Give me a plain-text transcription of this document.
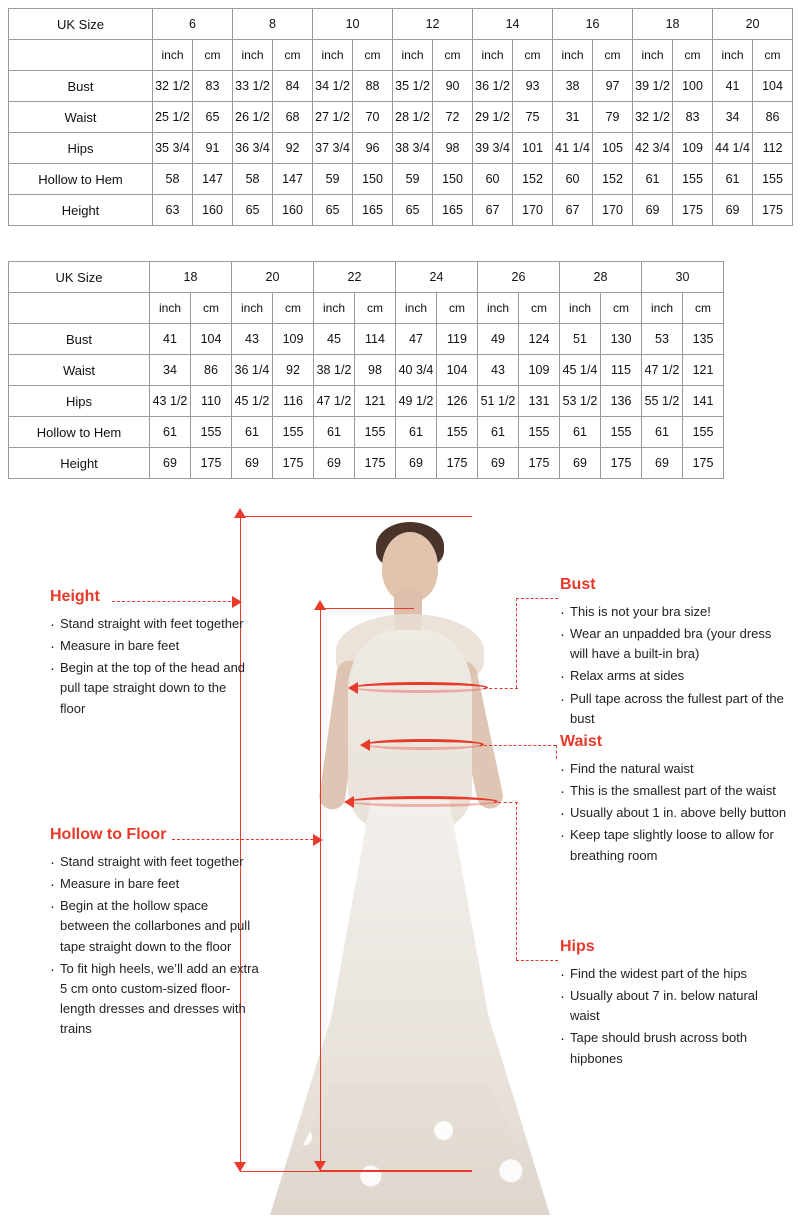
UK Size	6		8		10		12		14		16		18		20	
	inch	cm	inch	cm	inch	cm	inch	cm	inch	cm	inch	cm	inch	cm	inch	cm
Bust	32 1/2	83	33 1/2	84	34 1/2	88	35 1/2	90	36 1/2	93	38	97	39 1/2	100	41	104
Waist	25 1/2	65	26 1/2	68	27 1/2	70	28 1/2	72	29 1/2	75	31	79	32 1/2	83	34	86
Hips	35 3/4	91	36 3/4	92	37 3/4	96	38 3/4	98	39 3/4	101	41 1/4	105	42 3/4	109	44 1/4	112
Hollow to Hem	58	147	58	147	59	150	59	150	60	152	60	152	61	155	61	155
Height	63	160	65	160	65	165	65	165	67	170	67	170	69	175	69	175
UK Size	18		20		22		24		26		28		30	
	inch	cm	inch	cm	inch	cm	inch	cm	inch	cm	inch	cm	inch	cm
Bust	41	104	43	109	45	114	47	119	49	124	51	130	53	135
Waist	34	86	36 1/4	92	38 1/2	98	40 3/4	104	43	109	45 1/4	115	47 1/2	121
Hips	43 1/2	110	45 1/2	116	47 1/2	121	49 1/2	126	51 1/2	131	53 1/2	136	55 1/2	141
Hollow to Hem	61	155	61	155	61	155	61	155	61	155	61	155	61	155
Height	69	175	69	175	69	175	69	175	69	175	69	175	69	175
Height
· Stand straight with feet together
· Measure in bare feet
· Begin at the top of the head and pull tape straight down to the floor
Hollow to Floor
· Stand straight with feet together
· Measure in bare feet
· Begin at the hollow space between the collarbones and pull tape straight down to the floor
· To fit high heels, we’ll add an extra 5 cm onto custom-sized floor-length dresses and dresses with trains
Bust
· This is not your bra size!
· Wear an unpadded bra (your dress will have a built-in bra)
· Relax arms at sides
· Pull tape across the fullest part of the bust
Waist
· Find the natural waist
· This is the smallest part of the waist
· Usually about 1 in. above belly button
· Keep tape slightly loose to allow for breathing room
Hips
· Find the widest part of the hips
· Usually about 7 in. below natural waist
· Tape should brush across both hipbones
